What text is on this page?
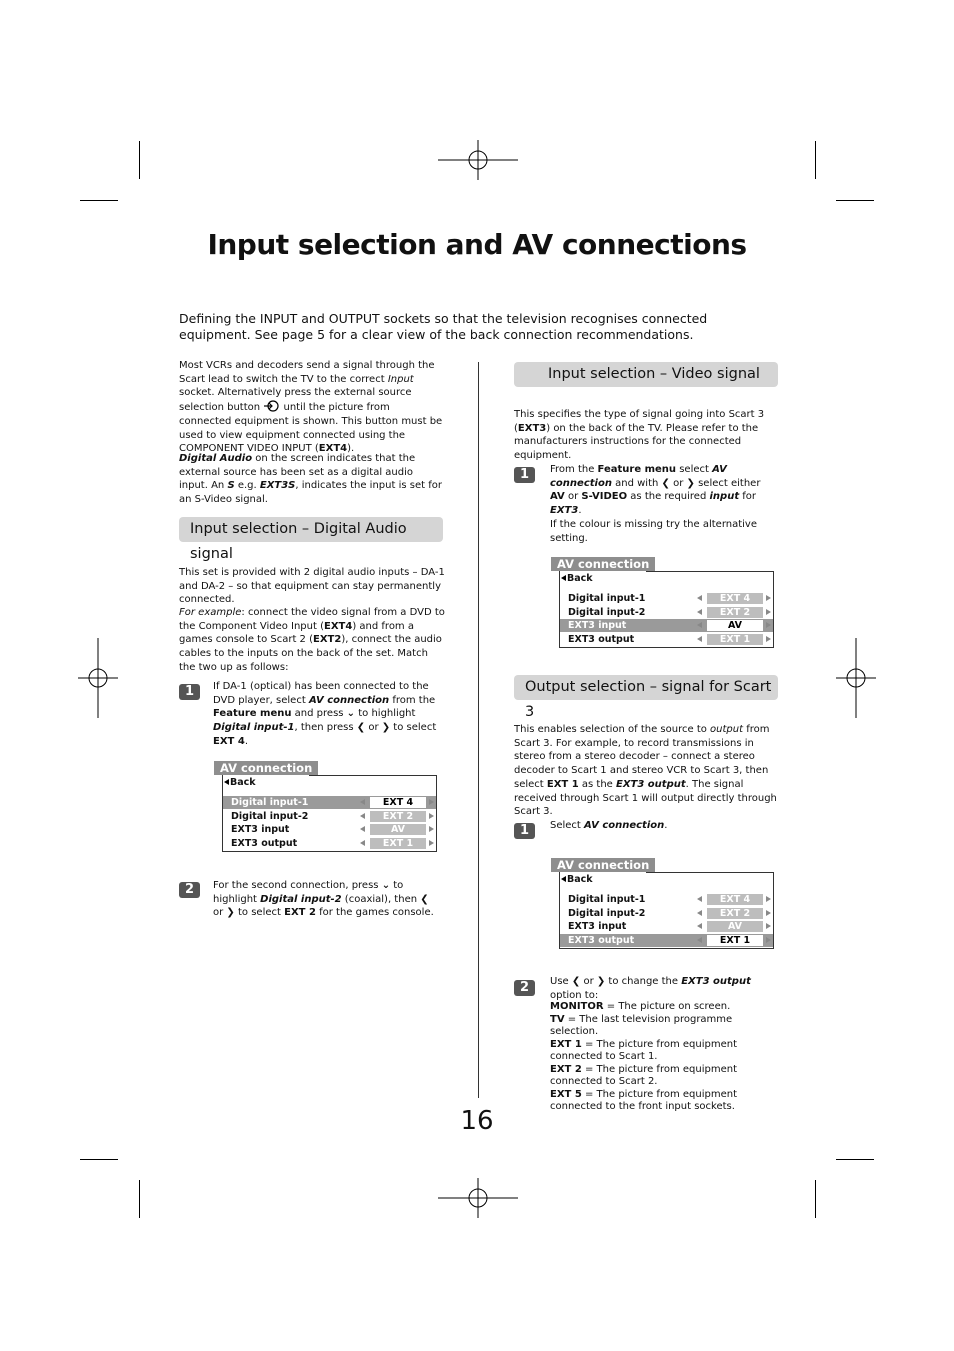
Input selection and AV connections

Defining the INPUT and OUTPUT sockets so that the television recognises connected equipment. See page 5 for a clear view of the back connection recommendations.

Most VCRs and decoders send a signal through the Scart lead to switch the TV to the correct Input socket. Alternatively press the external source selection button  until the picture from connected equipment is shown. This button must be used to view equipment connected using the COMPONENT VIDEO INPUT (EXT4).

Digital Audio on the screen indicates that the external source has been set as a digital audio input. An S e.g. EXT3S, indicates the input is set for an S-Video signal.

Input selection – Digital Audio signal

This set is provided with 2 digital audio inputs – DA-1 and DA-2 – so that equipment can stay permanently connected.

For example: connect the video signal from a DVD to the Component Video Input (EXT4) and from a games console to Scart 2 (EXT2), connect the audio cables to the inputs on the back of the set. Match the two up as follows:

1	If DA-1 (optical) has been connected to the DVD player, select AV connection from the Feature menu and press ⌄ to highlight Digital input-1, then press ❮ or ❯ to select EXT 4.

AV connection
Back
Digital input-1	EXT 4
Digital input-2	EXT 2
EXT3 input	AV
EXT3 output	EXT 1
2	For the second connection, press ⌄ to highlight Digital input-2 (coaxial), then ❮ or ❯ to select EXT 2 for the games console.

Input selection – Video signal

This specifies the type of signal going into Scart 3 (EXT3) on the back of the TV. Please refer to the manufacturers instructions for the connected equipment.

1	From the Feature menu select AV connection and with ❮ or ❯ select either AV or S-VIDEO as the required input for EXT3.

If the colour is missing try the alternative setting.

AV connection
Back
Digital input-1	EXT 4
Digital input-2	EXT 2
EXT3 input	AV
EXT3 output	EXT 1
Output selection – signal for Scart 3

This enables selection of the source to output from Scart 3. For example, to record transmissions in stereo from a stereo decoder – connect a stereo decoder to Scart 1 and stereo VCR to Scart 3, then select EXT 1 as the EXT3 output. The signal received through Scart 1 will output directly through Scart 3.

1	Select AV connection.

AV connection
Back
Digital input-1	EXT 4
Digital input-2	EXT 2
EXT3 input	AV
EXT3 output	EXT 1
2	Use ❮ or ❯ to change the EXT3 output option to:

MONITOR = The picture on screen.
TV = The last television programme selection.
EXT 1 = The picture from equipment connected to Scart 1.
EXT 2 = The picture from equipment connected to Scart 2.
EXT 5 = The picture from equipment connected to the front input sockets.
16
